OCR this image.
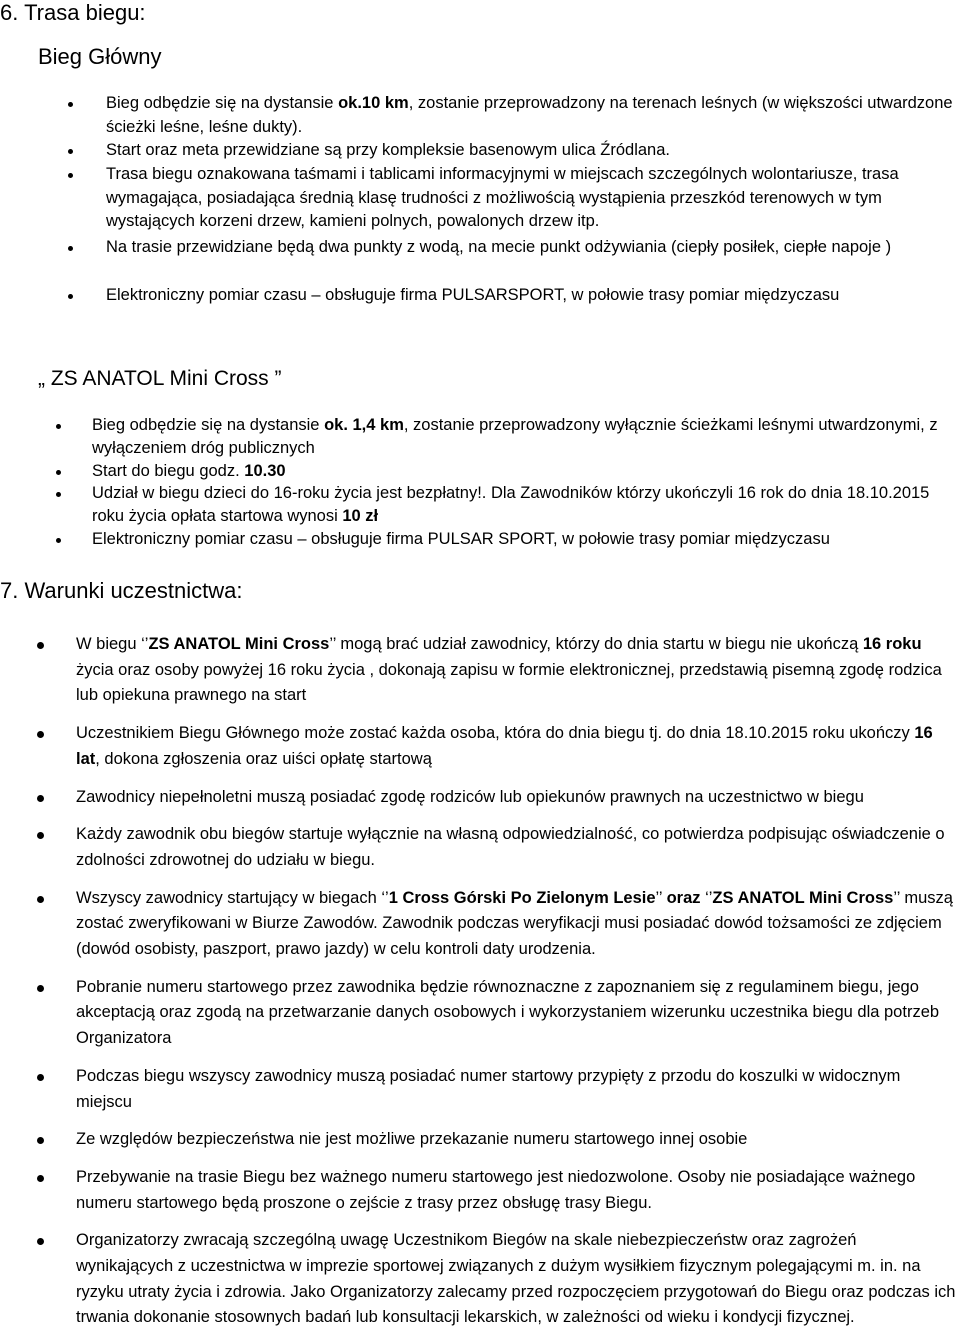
6. Trasa biegu:
Bieg Główny
Bieg odbędzie się na dystansie ok.10 km, zostanie przeprowadzony na terenach leśnych (w większości utwardzone ścieżki leśne, leśne dukty).
Start oraz meta przewidziane są przy kompleksie basenowym ulica Źródlana.
Trasa biegu oznakowana taśmami i tablicami informacyjnymi w miejscach szczególnych wolontariusze, trasa wymagająca, posiadająca średnią klasę trudności z możliwością wystąpienia przeszkód terenowych w tym wystających korzeni drzew, kamieni polnych, powalonych drzew itp.
Na trasie przewidziane będą dwa punkty z wodą, na mecie punkt odżywiania (ciepły posiłek, ciepłe napoje )
Elektroniczny pomiar czasu – obsługuje firma PULSARSPORT, w połowie trasy pomiar międzyczasu
„ ZS ANATOL Mini Cross ”
Bieg odbędzie się na dystansie ok. 1,4 km, zostanie przeprowadzony wyłącznie ścieżkami leśnymi utwardzonymi, z wyłączeniem dróg publicznych
Start do biegu godz. 10.30
Udział w biegu dzieci do 16-roku życia jest bezpłatny!. Dla Zawodników którzy ukończyli 16 rok do dnia 18.10.2015 roku życia opłata startowa wynosi 10 zł
Elektroniczny pomiar czasu – obsługuje firma PULSAR SPORT, w połowie trasy pomiar międzyczasu
7. Warunki uczestnictwa:
W biegu ‘’ZS ANATOL Mini Cross’’ mogą brać udział zawodnicy, którzy do dnia startu w biegu nie ukończą 16 roku życia oraz osoby powyżej 16 roku życia , dokonają zapisu w formie elektronicznej, przedstawią pisemną zgodę rodzica lub opiekuna prawnego na start
Uczestnikiem Biegu Głównego może zostać każda osoba, która do dnia biegu tj. do dnia 18.10.2015 roku ukończy 16 lat, dokona zgłoszenia oraz uiści opłatę startową
Zawodnicy niepełnoletni muszą posiadać zgodę rodziców lub opiekunów prawnych na uczestnictwo w biegu
Każdy zawodnik obu biegów startuje wyłącznie na własną odpowiedzialność, co potwierdza podpisując oświadczenie o zdolności zdrowotnej do udziału w biegu.
Wszyscy zawodnicy startujący w biegach ‘’1 Cross Górski Po Zielonym Lesie’’ oraz ‘’ZS ANATOL Mini Cross’’ muszą zostać zweryfikowani w Biurze Zawodów. Zawodnik podczas weryfikacji musi posiadać dowód tożsamości ze zdjęciem (dowód osobisty, paszport, prawo jazdy) w celu kontroli daty urodzenia.
Pobranie numeru startowego przez zawodnika będzie równoznaczne z zapoznaniem się z regulaminem biegu, jego akceptacją oraz zgodą na przetwarzanie danych osobowych i wykorzystaniem wizerunku uczestnika biegu dla potrzeb Organizatora
Podczas biegu wszyscy zawodnicy muszą posiadać numer startowy przypięty z przodu do koszulki w widocznym miejscu
Ze względów bezpieczeństwa nie jest możliwe przekazanie numeru startowego innej osobie
Przebywanie na trasie Biegu bez ważnego numeru startowego jest niedozwolone. Osoby nie posiadające ważnego numeru startowego będą proszone o zejście z trasy przez obsługę trasy Biegu.
Organizatorzy zwracają szczególną uwagę Uczestnikom Biegów na skale niebezpieczeństw oraz zagrożeń wynikających z uczestnictwa w imprezie sportowej związanych z dużym wysiłkiem fizycznym polegającymi m. in. na ryzyku utraty życia i zdrowia. Jako Organizatorzy zalecamy przed rozpoczęciem przygotowań do Biegu oraz podczas ich trwania dokonanie stosownych badań lub konsultacji lekarskich, w zależności od wieku i kondycji fizycznej.
